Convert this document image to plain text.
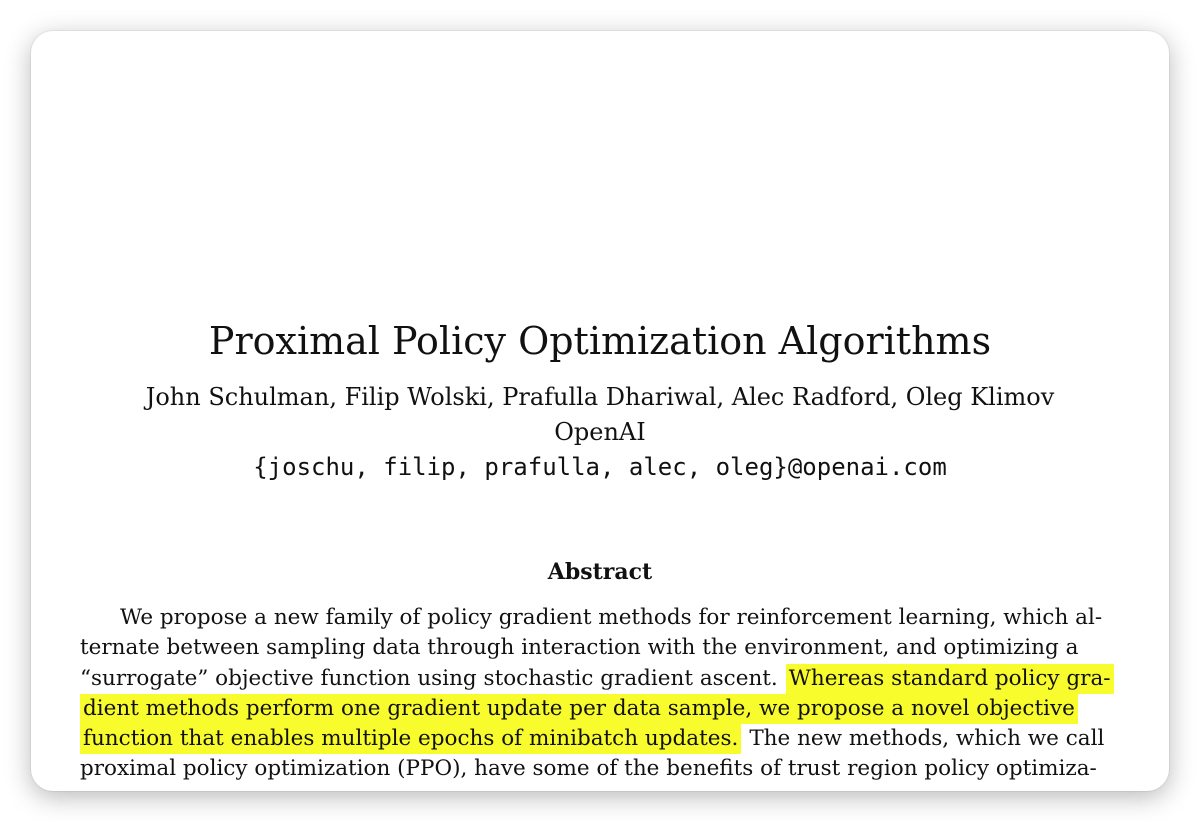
Proximal Policy Optimization Algorithms
John Schulman, Filip Wolski, Prafulla Dhariwal, Alec Radford, Oleg Klimov
OpenAI
{joschu, filip, prafulla, alec, oleg}@openai.com
Abstract
We propose a new family of policy gradient methods for reinforcement learning, which al-
ternate between sampling data through interaction with the environment, and optimizing a
“surrogate” objective function using stochastic gradient ascent. Whereas standard policy gra-
dient methods perform one gradient update per data sample, we propose a novel objective
function that enables multiple epochs of minibatch updates. The new methods, which we call
proximal policy optimization (PPO), have some of the benefits of trust region policy optimiza-
